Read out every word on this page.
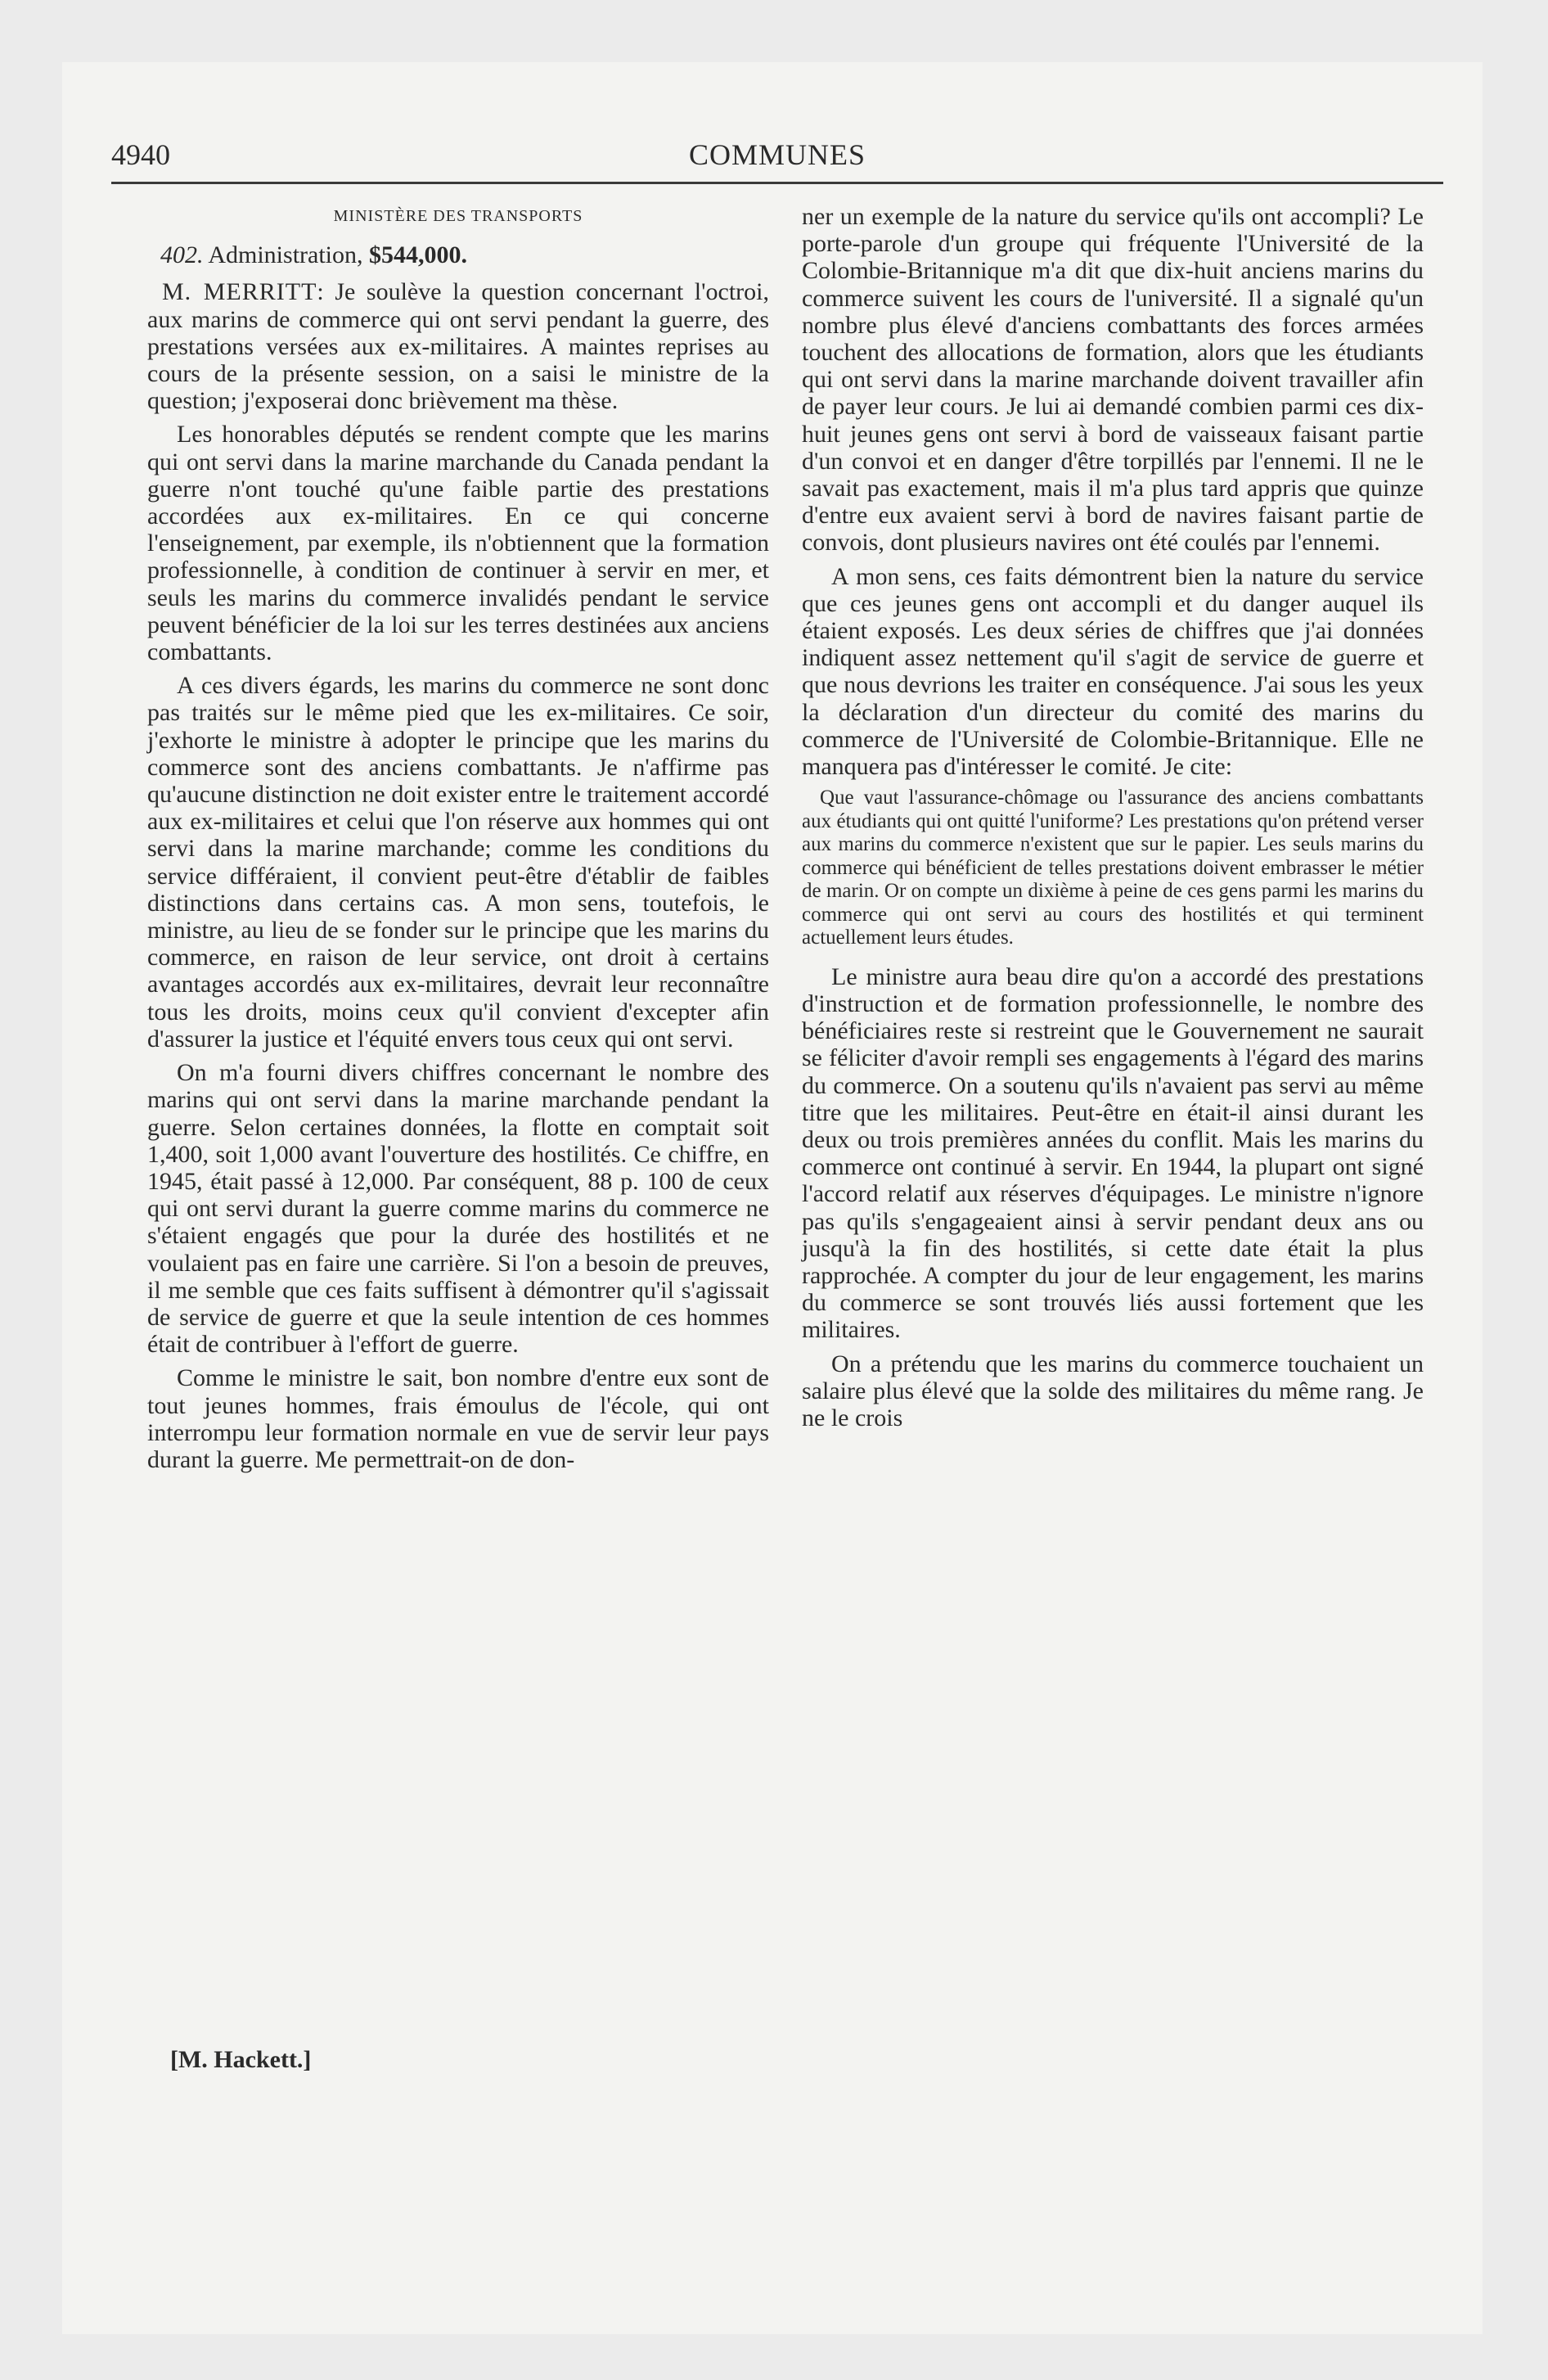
4940	COMMUNES
MINISTÈRE DES TRANSPORTS
402. Administration, $544,000.

M. MERRITT: Je soulève la question concernant l'octroi, aux marins de commerce qui ont servi pendant la guerre, des prestations versées aux ex-militaires. A maintes reprises au cours de la présente session, on a saisi le ministre de la question; j'exposerai donc brièvement ma thèse.

Les honorables députés se rendent compte que les marins qui ont servi dans la marine marchande du Canada pendant la guerre n'ont touché qu'une faible partie des prestations accordées aux ex-militaires. En ce qui concerne l'enseignement, par exemple, ils n'obtiennent que la formation professionnelle, à condition de continuer à servir en mer, et seuls les marins du commerce invalidés pendant le service peuvent bénéficier de la loi sur les terres destinées aux anciens combattants.

A ces divers égards, les marins du commerce ne sont donc pas traités sur le même pied que les ex-militaires. Ce soir, j'exhorte le ministre à adopter le principe que les marins du commerce sont des anciens combattants. Je n'affirme pas qu'aucune distinction ne doit exister entre le traitement accordé aux ex-militaires et celui que l'on réserve aux hommes qui ont servi dans la marine marchande; comme les conditions du service différaient, il convient peut-être d'établir de faibles distinctions dans certains cas. A mon sens, toutefois, le ministre, au lieu de se fonder sur le principe que les marins du commerce, en raison de leur service, ont droit à certains avantages accordés aux ex-militaires, devrait leur reconnaître tous les droits, moins ceux qu'il convient d'excepter afin d'assurer la justice et l'équité envers tous ceux qui ont servi.

On m'a fourni divers chiffres concernant le nombre des marins qui ont servi dans la marine marchande pendant la guerre. Selon certaines données, la flotte en comptait soit 1,400, soit 1,000 avant l'ouverture des hostilités. Ce chiffre, en 1945, était passé à 12,000. Par conséquent, 88 p. 100 de ceux qui ont servi durant la guerre comme marins du commerce ne s'étaient engagés que pour la durée des hostilités et ne voulaient pas en faire une carrière. Si l'on a besoin de preuves, il me semble que ces faits suffisent à démontrer qu'il s'agissait de service de guerre et que la seule intention de ces hommes était de contribuer à l'effort de guerre.

Comme le ministre le sait, bon nombre d'entre eux sont de tout jeunes hommes, frais émoulus de l'école, qui ont interrompu leur formation normale en vue de servir leur pays durant la guerre. Me permettrait-on de don-

[M. Hackett.]

ner un exemple de la nature du service qu'ils ont accompli? Le porte-parole d'un groupe qui fréquente l'Université de la Colombie-Britannique m'a dit que dix-huit anciens marins du commerce suivent les cours de l'université. Il a signalé qu'un nombre plus élevé d'anciens combattants des forces armées touchent des allocations de formation, alors que les étudiants qui ont servi dans la marine marchande doivent travailler afin de payer leur cours. Je lui ai demandé combien parmi ces dix-huit jeunes gens ont servi à bord de vaisseaux faisant partie d'un convoi et en danger d'être torpillés par l'ennemi. Il ne le savait pas exactement, mais il m'a plus tard appris que quinze d'entre eux avaient servi à bord de navires faisant partie de convois, dont plusieurs navires ont été coulés par l'ennemi.

A mon sens, ces faits démontrent bien la nature du service que ces jeunes gens ont accompli et du danger auquel ils étaient exposés. Les deux séries de chiffres que j'ai données indiquent assez nettement qu'il s'agit de service de guerre et que nous devrions les traiter en conséquence. J'ai sous les yeux la déclaration d'un directeur du comité des marins du commerce de l'Université de Colombie-Britannique. Elle ne manquera pas d'intéresser le comité. Je cite:

Que vaut l'assurance-chômage ou l'assurance des anciens combattants aux étudiants qui ont quitté l'uniforme? Les prestations qu'on prétend verser aux marins du commerce n'existent que sur le papier. Les seuls marins du commerce qui bénéficient de telles prestations doivent embrasser le métier de marin. Or on compte un dixième à peine de ces gens parmi les marins du commerce qui ont servi au cours des hostilités et qui terminent actuellement leurs études.

Le ministre aura beau dire qu'on a accordé des prestations d'instruction et de formation professionnelle, le nombre des bénéficiaires reste si restreint que le Gouvernement ne saurait se féliciter d'avoir rempli ses engagements à l'égard des marins du commerce. On a soutenu qu'ils n'avaient pas servi au même titre que les militaires. Peut-être en était-il ainsi durant les deux ou trois premières années du conflit. Mais les marins du commerce ont continué à servir. En 1944, la plupart ont signé l'accord relatif aux réserves d'équipages. Le ministre n'ignore pas qu'ils s'engageaient ainsi à servir pendant deux ans ou jusqu'à la fin des hostilités, si cette date était la plus rapprochée. A compter du jour de leur engagement, les marins du commerce se sont trouvés liés aussi fortement que les militaires.

On a prétendu que les marins du commerce touchaient un salaire plus élevé que la solde des militaires du même rang. Je ne le crois
